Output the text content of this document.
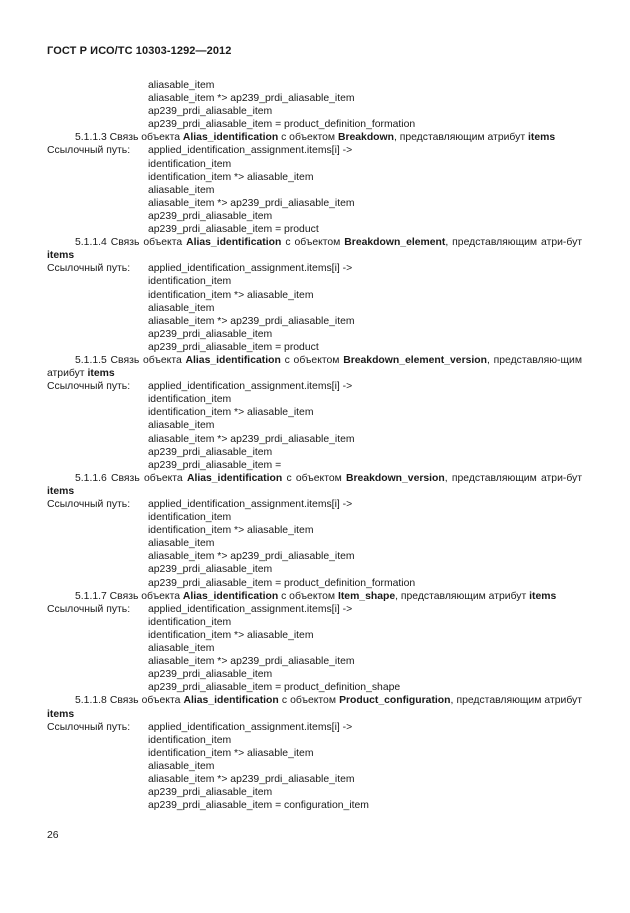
ГОСТ Р ИСО/ТС 10303-1292—2012
aliasable_item
aliasable_item *> ap239_prdi_aliasable_item
ap239_prdi_aliasable_item
ap239_prdi_aliasable_item = product_definition_formation
5.1.1.3 Связь объекта Alias_identification с объектом Breakdown, представляющим атрибут items
Ссылочный путь: applied_identification_assignment.items[i] ->
identification_item
identification_item *> aliasable_item
aliasable_item
aliasable_item *> ap239_prdi_aliasable_item
ap239_prdi_aliasable_item
ap239_prdi_aliasable_item = product
5.1.1.4 Связь объекта Alias_identification с объектом Breakdown_element, представляющим атри-бут items
Ссылочный путь: applied_identification_assignment.items[i] ->
identification_item
identification_item *> aliasable_item
aliasable_item
aliasable_item *> ap239_prdi_aliasable_item
ap239_prdi_aliasable_item
ap239_prdi_aliasable_item = product
5.1.1.5 Связь объекта Alias_identification с объектом Breakdown_element_version, представляю-щим атрибут items
Ссылочный путь: applied_identification_assignment.items[i] ->
identification_item
identification_item *> aliasable_item
aliasable_item
aliasable_item *> ap239_prdi_aliasable_item
ap239_prdi_aliasable_item
ap239_prdi_aliasable_item =
5.1.1.6 Связь объекта Alias_identification с объектом Breakdown_version, представляющим атри-бут items
Ссылочный путь: applied_identification_assignment.items[i] ->
identification_item
identification_item *> aliasable_item
aliasable_item
aliasable_item *> ap239_prdi_aliasable_item
ap239_prdi_aliasable_item
ap239_prdi_aliasable_item = product_definition_formation
5.1.1.7 Связь объекта Alias_identification с объектом Item_shape, представляющим атрибут items
Ссылочный путь: applied_identification_assignment.items[i] ->
identification_item
identification_item *> aliasable_item
aliasable_item
aliasable_item *> ap239_prdi_aliasable_item
ap239_prdi_aliasable_item
ap239_prdi_aliasable_item = product_definition_shape
5.1.1.8 Связь объекта Alias_identification с объектом Product_configuration, представляющим атрибут items
Ссылочный путь: applied_identification_assignment.items[i] ->
identification_item
identification_item *> aliasable_item
aliasable_item
aliasable_item *> ap239_prdi_aliasable_item
ap239_prdi_aliasable_item
ap239_prdi_aliasable_item = configuration_item
26
